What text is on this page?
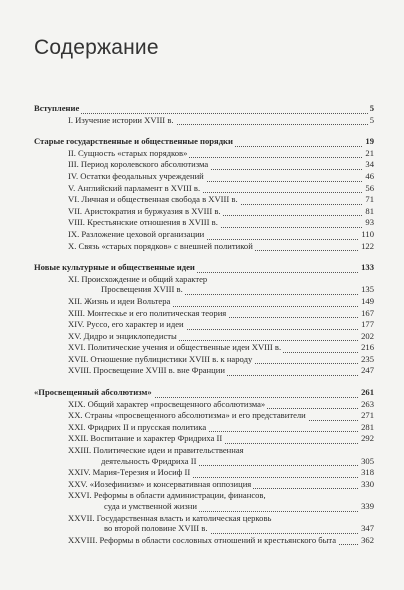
Содержание
Вступление	5
I. Изучение истории XVIII в.	5
Старые государственные и общественные порядки	19
II. Сущность «старых порядков»	21
III. Период королевского абсолютизма	34
IV. Остатки феодальных учреждений	46
V. Английский парламент в XVIII в.	56
VI. Личная и общественная свобода в XVIII в.	71
VII. Аристократия и буржуазия в XVIII в.	81
VIII. Крестьянские отношения в XVIII в.	93
IX. Разложение цеховой организации	110
X. Связь «старых порядков» с внешней политикой	122
Новые культурные и общественные идеи	133
XI. Происхождение и общий характер
Просвещения XVIII в.	135
XII. Жизнь и идеи Вольтера	149
XIII. Монтескье и его политическая теория	167
XIV. Руссо, его характер и идеи	177
XV. Дидро и энциклопедисты	202
XVI. Политические учения и общественные идеи XVIII в.	216
XVII. Отношение публицистики XVIII в. к народу	235
XVIII. Просвещение XVIII в. вне Франции	247
«Просвещенный абсолютизм»	261
XIX. Общий характер «просвещенного абсолютизма»	263
XX. Страны «просвещенного абсолютизма» и его представители	271
XXI. Фридрих II и прусская политика	281
XXII. Воспитание и характер Фридриха II	292
XXIII. Политические идеи и правительственная
деятельность Фридриха II	305
XXIV. Мария-Терезия и Иосиф II	318
XXV. «Иозефинизм» и консервативная оппозиция	330
XXVI. Реформы в области администрации, финансов,
суда и умственной жизни	339
XXVII. Государственная власть и католическая церковь
во второй половине XVIII в.	347
XXVIII. Реформы в области сословных отношений и крестьянского быта	362
